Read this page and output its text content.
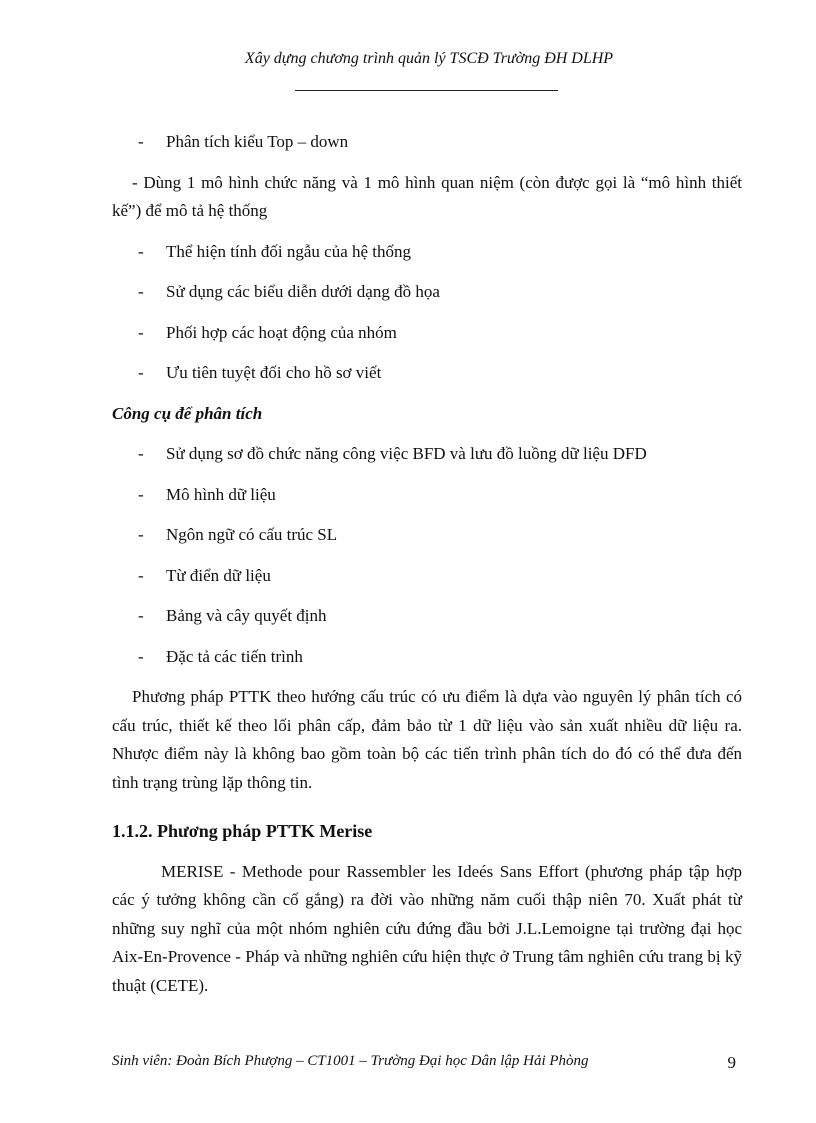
Xây dựng chương trình quản lý TSCĐ Trường ĐH DLHP
-	Phân tích kiểu Top – down

- Dùng 1 mô hình chức năng và 1 mô hình quan niệm (còn được gọi là “mô hình thiết kế”) để mô tả hệ thống

-	Thể hiện tính đối ngẫu của hệ thống
-	Sử dụng các biểu diễn dưới dạng đồ họa
-	Phối hợp các hoạt động của nhóm
-	Ưu tiên tuyệt đối cho hồ sơ viết

Công cụ để phân tích

-	Sử dụng sơ đồ chức năng công việc BFD và lưu đồ luồng dữ liệu DFD
-	Mô hình dữ liệu
-	Ngôn ngữ có cấu trúc SL
-	Từ điển dữ liệu
-	Bảng và cây quyết định
-	Đặc tả các tiến trình

Phương pháp PTTK theo hướng cấu trúc có ưu điểm là dựa vào nguyên lý phân tích có cấu trúc, thiết kế theo lối phân cấp, đảm bảo từ 1 dữ liệu vào sản xuất nhiều dữ liệu ra. Nhược điểm này là không bao gồm toàn bộ các tiến trình phân tích do đó có thể đưa đến tình trạng trùng lặp thông tin.

1.1.2. Phương pháp PTTK Merise

MERISE - Methode pour Rassembler les Ideés Sans Effort (phương pháp tập hợp các ý tưởng không cần cố gắng) ra đời vào những năm cuối thập niên 70. Xuất phát từ những suy nghĩ của một nhóm nghiên cứu đứng đầu bởi J.L.Lemoigne tại trường đại học Aix-En-Provence - Pháp và những nghiên cứu hiện thực ở Trung tâm nghiên cứu trang bị kỹ thuật (CETE).

Sinh viên: Đoàn Bích Phượng – CT1001 – Trường Đại học Dân lập Hải Phòng	9
